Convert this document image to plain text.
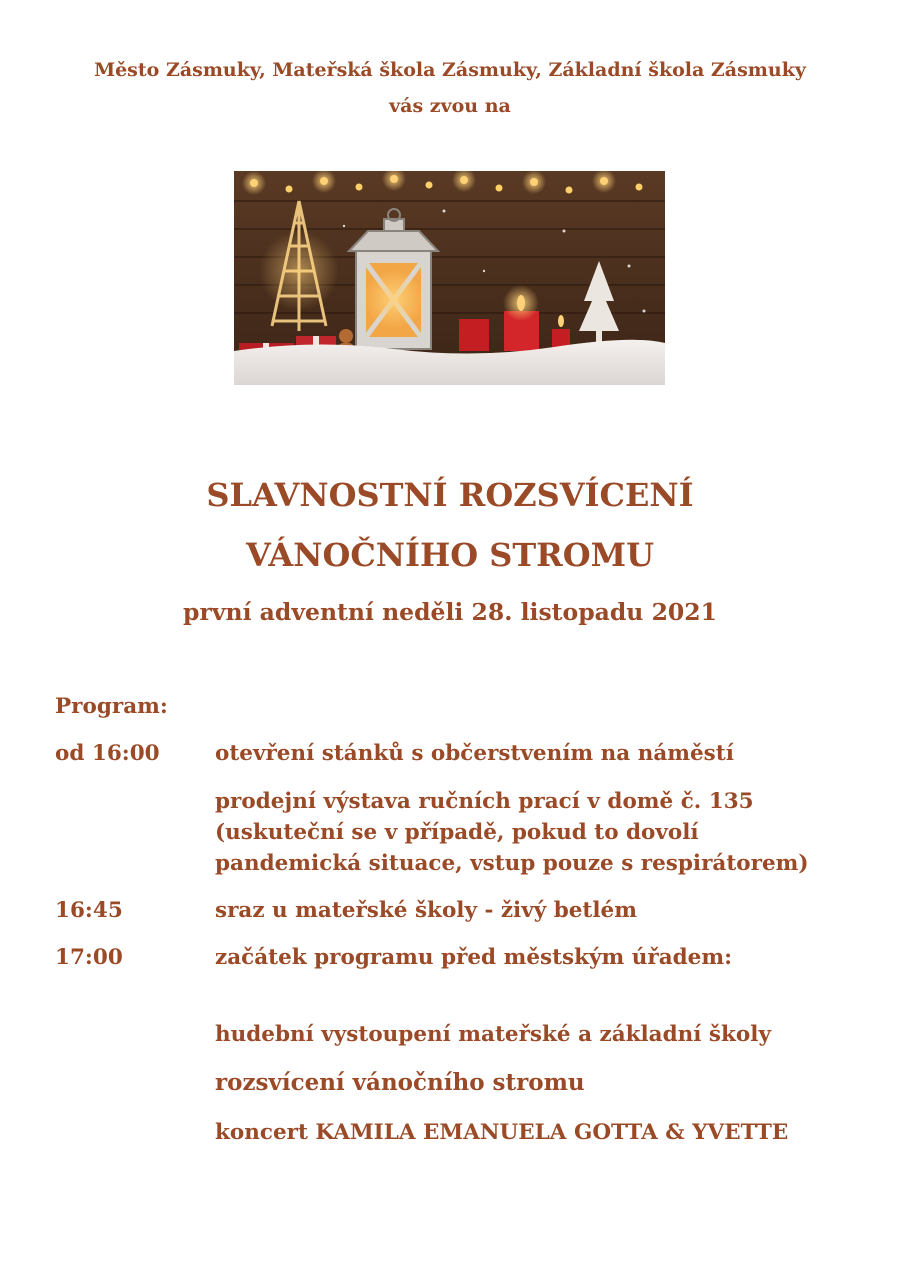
Město Zásmuky, Mateřská škola Zásmuky, Základní škola Zásmuky
vás zvou na
SLAVNOSTNÍ ROZSVÍCENÍ
VÁNOČNÍHO STROMU
první adventní neděli 28. listopadu 2021
Program:
od 16:00	otevření stánků s občerstvením na náměstí
prodejní výstava ručních prací v domě č. 135
(uskuteční se v případě, pokud to dovolí
pandemická situace, vstup pouze s respirátorem)
16:45	sraz u mateřské školy - živý betlém
17:00	začátek programu před městským úřadem:
hudební vystoupení mateřské a základní školy
rozsvícení vánočního stromu
koncert KAMILA EMANUELA GOTTA & YVETTE
